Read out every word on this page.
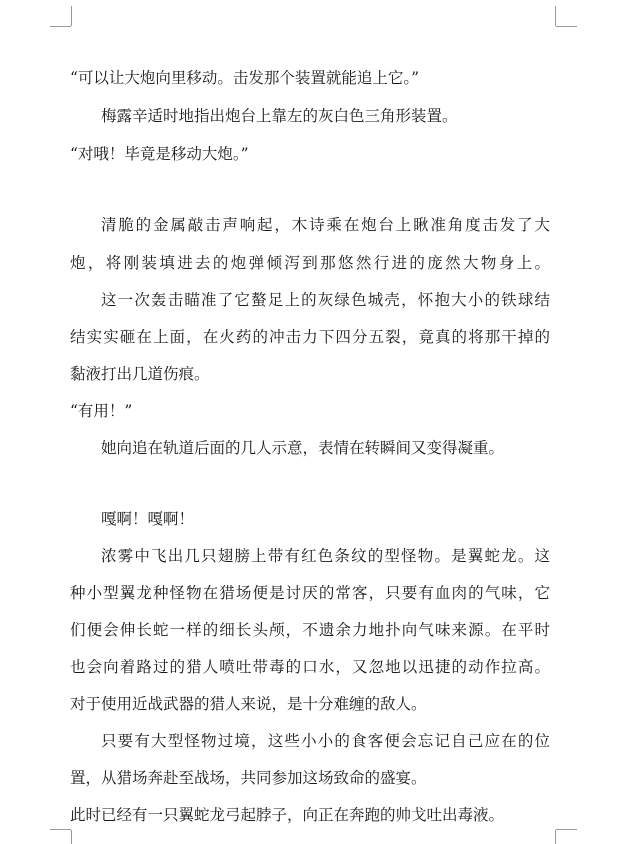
“可以让大炮向里移动。击发那个装置就能追上它。”
梅露辛适时地指出炮台上靠左的灰白色三角形装置。
“对哦！毕竟是移动大炮。”
清脆的金属敲击声响起，木诗乘在炮台上瞅准角度击发了大
炮，将刚装填进去的炮弹倾泻到那悠然行进的庞然大物身上。
这一次轰击瞄准了它螯足上的灰绿色城壳，怀抱大小的铁球结
结实实砸在上面，在火药的冲击力下四分五裂，竟真的将那干掉的
黏液打出几道伤痕。
“有用！”
她向追在轨道后面的几人示意，表情在转瞬间又变得凝重。
嘎啊！嘎啊！
浓雾中飞出几只翅膀上带有红色条纹的型怪物。是翼蛇龙。这
种小型翼龙种怪物在猎场便是讨厌的常客，只要有血肉的气味，它
们便会伸长蛇一样的细长头颅，不遗余力地扑向气味来源。在平时
也会向着路过的猎人喷吐带毒的口水，又忽地以迅捷的动作拉高。
对于使用近战武器的猎人来说，是十分难缠的敌人。
只要有大型怪物过境，这些小小的食客便会忘记自己应在的位
置，从猎场奔赴至战场，共同参加这场致命的盛宴。
此时已经有一只翼蛇龙弓起脖子，向正在奔跑的帅戈吐出毒液。
